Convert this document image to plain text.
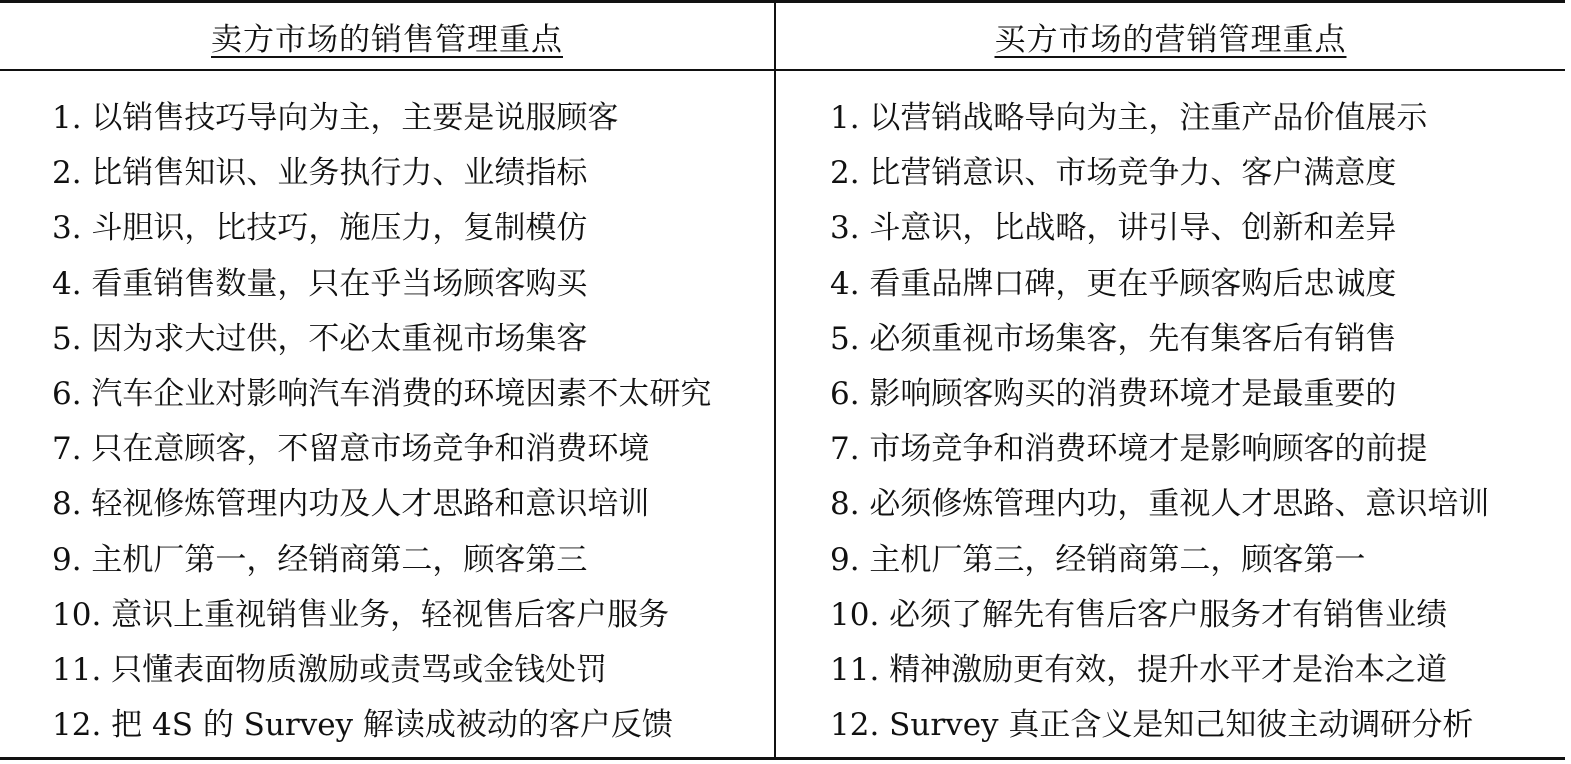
卖方市场的销售管理重点	买方市场的营销管理重点
1. 以销售技巧导向为主，主要是说服顾客
2. 比销售知识、业务执行力、业绩指标
3. 斗胆识，比技巧，施压力，复制模仿
4. 看重销售数量，只在乎当场顾客购买
5. 因为求大过供，不必太重视市场集客
6. 汽车企业对影响汽车消费的环境因素不太研究
7. 只在意顾客，不留意市场竞争和消费环境
8. 轻视修炼管理内功及人才思路和意识培训
9. 主机厂第一，经销商第二，顾客第三
10. 意识上重视销售业务，轻视售后客户服务
11. 只懂表面物质激励或责骂或金钱处罚
12. 把 4S 的 Survey 解读成被动的客户反馈
1. 以营销战略导向为主，注重产品价值展示
2. 比营销意识、市场竞争力、客户满意度
3. 斗意识，比战略，讲引导、创新和差异
4. 看重品牌口碑，更在乎顾客购后忠诚度
5. 必须重视市场集客，先有集客后有销售
6. 影响顾客购买的消费环境才是最重要的
7. 市场竞争和消费环境才是影响顾客的前提
8. 必须修炼管理内功，重视人才思路、意识培训
9. 主机厂第三，经销商第二，顾客第一
10. 必须了解先有售后客户服务才有销售业绩
11. 精神激励更有效，提升水平才是治本之道
12. Survey 真正含义是知己知彼主动调研分析
